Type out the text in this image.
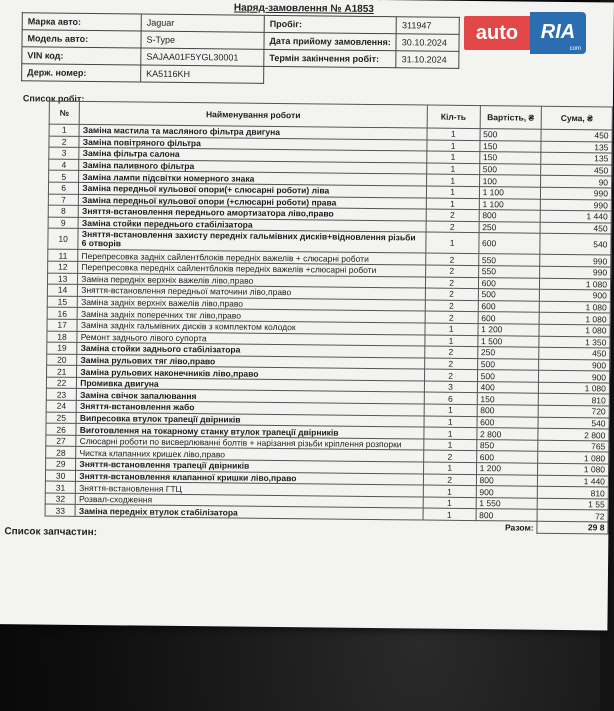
Наряд-замовлення № А1853
Марка авто:	Jaguar	Пробіг:	311947
Модель авто:	S-Type	Дата прийому замовлення:	30.10.2024
VIN код:	SAJAA01F5YGL30001	Термін закінчення робіт:	31.10.2024
Держ. номер:	KA5116KH		
Список робіт:
№	Найменування роботи	Кіл-ть	Вартість, ₴	Сума, ₴
1	Заміна мастила та масляного фільтра двигуна	1	500	450
2	Заміна повітряного фільтра	1	150	135
3	Заміна фільтра салона	1	150	135
4	Заміна паливного фільтра	1	500	450
5	Заміна лампи підсвітки номерного знака	1	100	90
6	Заміна передньої кульової опори(+ слюсарні роботи) ліва	1	1 100	990
7	Заміна передньої кульової опори (+слюсарні роботи) права	1	1 100	990
8	Зняття-встановлення переднього амортизатора ліво,право	2	800	1 440
9	Заміна стойки переднього стабілізатора	2	250	450
10	Зняття-встановлення захисту передніх гальмівних дисків+відновлення різьби 6 отворів	1	600	540
11	Перепресовка задніх сайлентблоків передніх важелів + слюсарні роботи	2	550	990
12	Перепресовка передніх сайлентблоків передніх важелів +слюсарні роботи	2	550	990
13	Заміна передніх верхніх важелів ліво,право	2	600	1 080
14	Зняття-встановлення передньої маточини ліво,право	2	500	900
15	Заміна задніх верхніх важелів ліво,право	2	600	1 080
16	Заміна задніх поперечних тяг ліво,право	2	600	1 080
17	Заміна задніх гальмівних дисків з комплектом колодок	1	1 200	1 080
18	Ремонт заднього лівого супорта	1	1 500	1 350
19	Заміна стойки заднього стабілізатора	2	250	450
20	Заміна рульових тяг ліво,право	2	500	900
21	Заміна рульових наконечників ліво,право	2	500	900
22	Промивка двигуна	3	400	1 080
23	Заміна свічок запалювання	6	150	810
24	Зняття-встановлення жабо	1	800	720
25	Випресовка втулок трапеції двірників	1	600	540
26	Виготовлення на токарному станку втулок трапеції двірників	1	2 800	2 800
27	Слюсарні роботи по висверлюванні болтів + нарізання різьби кріплення розпорки	1	850	765
28	Чистка клапанних кришек ліво,право	2	600	1 080
29	Зняття-встановлення трапеції двірників	1	1 200	1 080
30	Зняття-встановлення клапанної кришки ліво,право	2	800	1 440
31	Зняття-встановлення ГТЦ	1	900	810
32	Розвал-сходження	1	1 550	1 55
33	Заміна передніх втулок стабілізатора	1	800	72
		Разом:		29 8
Список запчастин:
auto	RIA
com
